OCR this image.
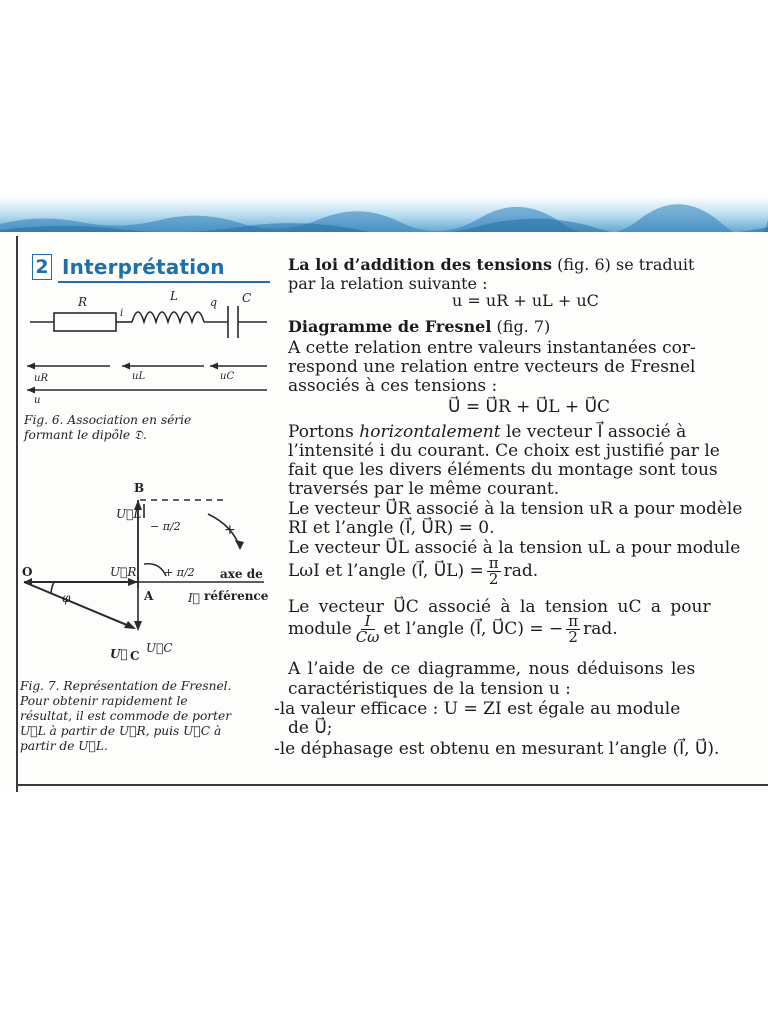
2 Interprétation
R
i
L	q C
uR	uL	uC
u
Fig. 6. Association en série
formant le dipôle 𝔇.
B
O
A
C
U⃗L
U⃗R
U⃗C
U⃗
φ
− π/2
+ π/2
+
axe de
I⃗ référence
Fig. 7. Représentation de Fresnel.
Pour obtenir rapidement le
résultat, il est commode de porter
U⃗L à partir de U⃗R, puis U⃗C à
partir de U⃗L.
La loi d’addition des tensions (fig. 6) se traduit
par la relation suivante :
u = uR + uL + uC
Diagramme de Fresnel (fig. 7)
A cette relation entre valeurs instantanées cor-
respond une relation entre vecteurs de Fresnel
associés à ces tensions :
U⃗ = U⃗R + U⃗L + U⃗C
Portons horizontalement le vecteur I⃗ associé à
l’intensité i du courant. Ce choix est justifié par le
fait que les divers éléments du montage sont tous
traversés par le même courant.
Le vecteur U⃗R associé à la tension uR a pour modèle
RI et l’angle (I⃗, U⃗R) = 0.
Le vecteur U⃗L associé à la tension uL a pour module
LωI et l’angle (I⃗, U⃗L) = $\frac{\pi}{2}$ rad.
Le vecteur U⃗C associé à la tension uC a pour
module $\frac{I}{C\omega}$ et l’angle (I⃗, U⃗C) = − $\frac{\pi}{2}$ rad.
A l’aide de ce diagramme, nous déduisons les
caractéristiques de la tension u :
-la valeur efficace : U = ZI est égale au module
de U⃗;
-le déphasage est obtenu en mesurant l’angle (I⃗, U⃗).
